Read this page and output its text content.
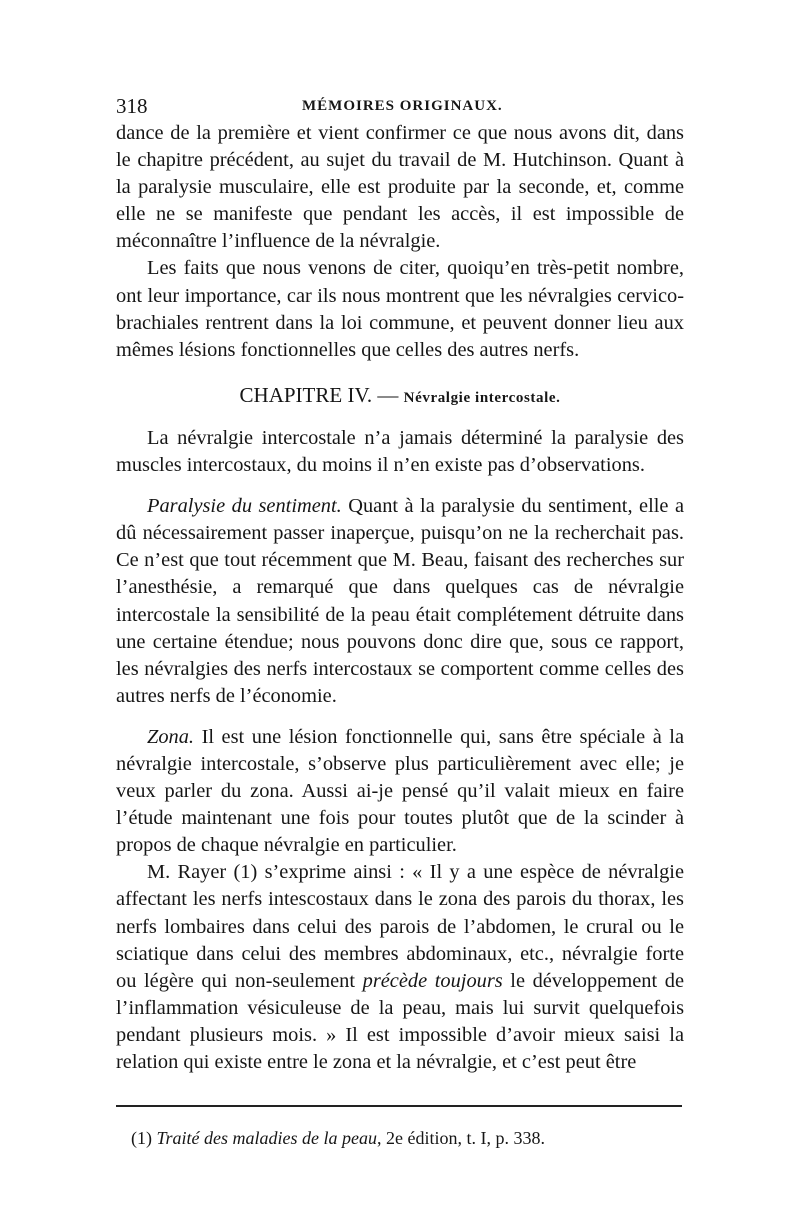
318	MÉMOIRES ORIGINAUX.

dance de la première et vient confirmer ce que nous avons dit, dans le chapitre précédent, au sujet du travail de M. Hutchinson. Quant à la paralysie musculaire, elle est produite par la seconde, et, comme elle ne se manifeste que pendant les accès, il est impossible de méconnaître l’influence de la névralgie.

Les faits que nous venons de citer, quoiqu’en très-petit nombre, ont leur importance, car ils nous montrent que les névralgies cervico-brachiales rentrent dans la loi commune, et peuvent donner lieu aux mêmes lésions fonctionnelles que celles des autres nerfs.

CHAPITRE IV. — Névralgie intercostale.

La névralgie intercostale n’a jamais déterminé la paralysie des muscles intercostaux, du moins il n’en existe pas d’observations.

Paralysie du sentiment. Quant à la paralysie du sentiment, elle a dû nécessairement passer inaperçue, puisqu’on ne la recherchait pas. Ce n’est que tout récemment que M. Beau, faisant des recherches sur l’anesthésie, a remarqué que dans quelques cas de névralgie intercostale la sensibilité de la peau était complétement détruite dans une certaine étendue; nous pouvons donc dire que, sous ce rapport, les névralgies des nerfs intercostaux se comportent comme celles des autres nerfs de l’économie.

Zona. Il est une lésion fonctionnelle qui, sans être spéciale à la névralgie intercostale, s’observe plus particulièrement avec elle; je veux parler du zona. Aussi ai-je pensé qu’il valait mieux en faire l’étude maintenant une fois pour toutes plutôt que de la scinder à propos de chaque névralgie en particulier.

M. Rayer (1) s’exprime ainsi : « Il y a une espèce de névralgie affectant les nerfs intescostaux dans le zona des parois du thorax, les nerfs lombaires dans celui des parois de l’abdomen, le crural ou le sciatique dans celui des membres abdominaux, etc., névralgie forte ou légère qui non-seulement précède toujours le développement de l’inflammation vésiculeuse de la peau, mais lui survit quelquefois pendant plusieurs mois. » Il est impossible d’avoir mieux saisi la relation qui existe entre le zona et la névralgie, et c’est peut être

(1) Traité des maladies de la peau, 2e édition, t. I, p. 338.
